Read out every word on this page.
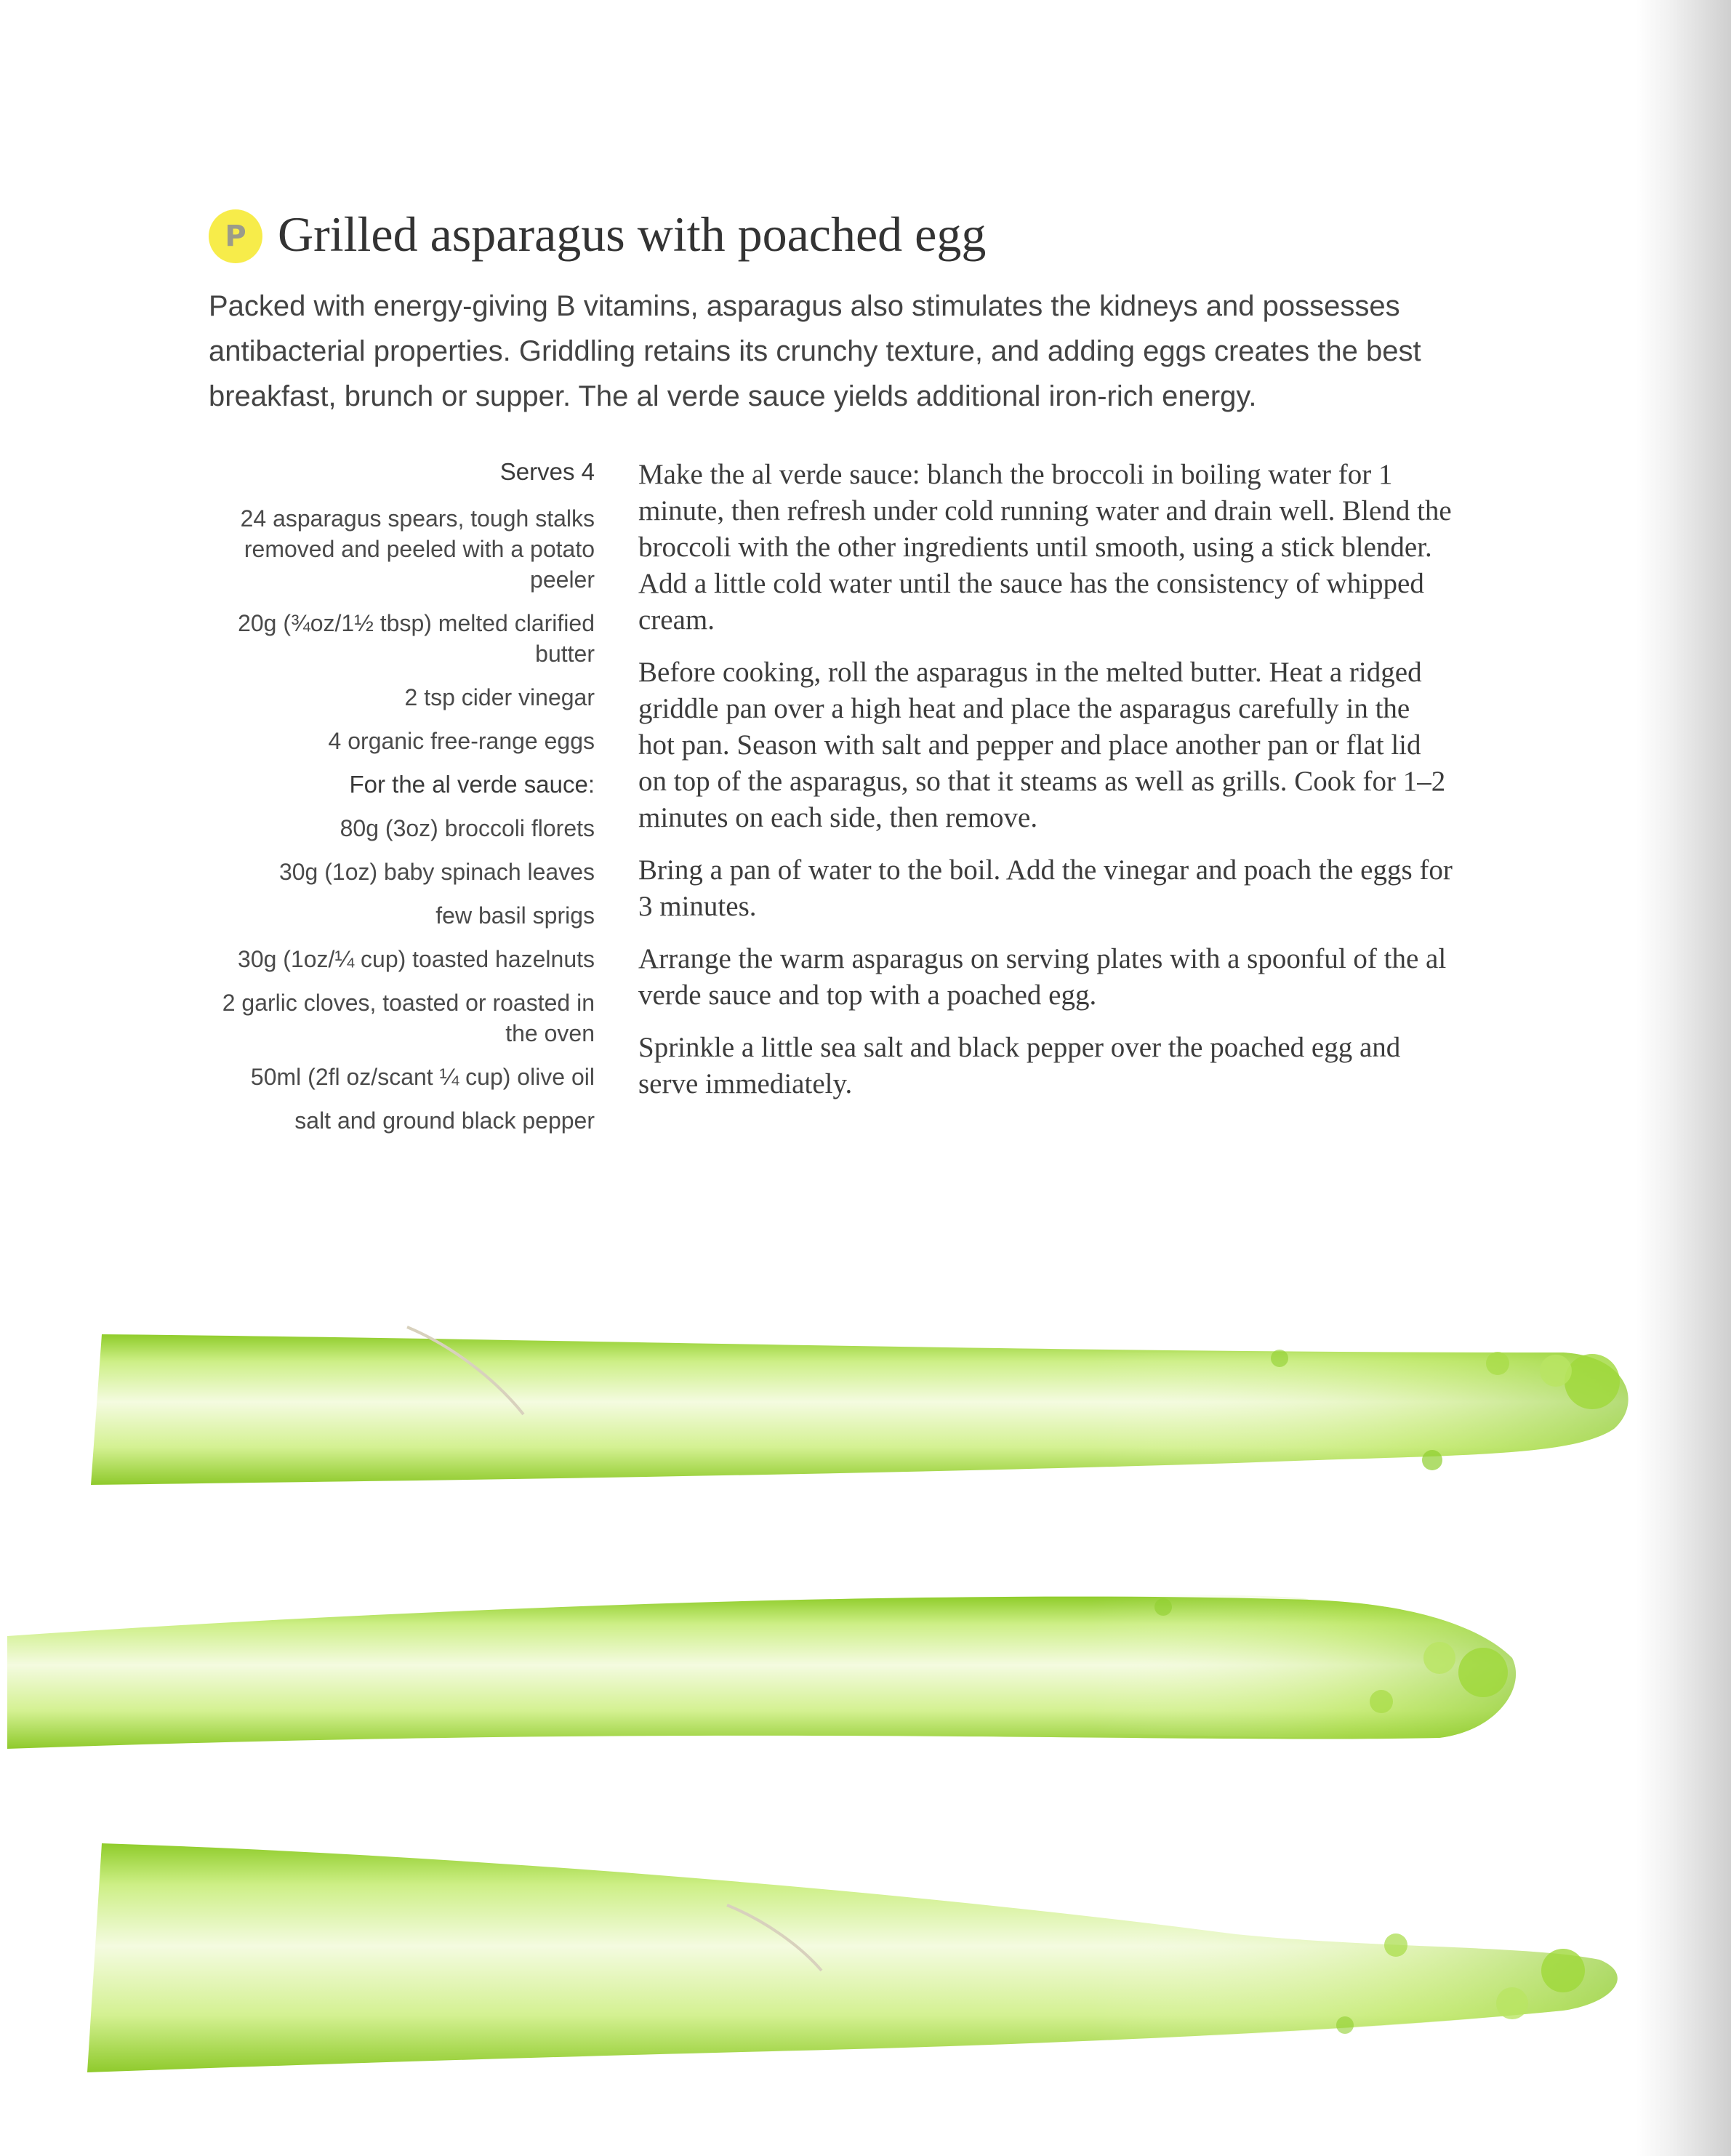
P Grilled asparagus with poached egg

Packed with energy-giving B vitamins, asparagus also stimulates the kidneys and possesses antibacterial properties. Griddling retains its crunchy texture, and adding eggs creates the best breakfast, brunch or supper. The al verde sauce yields additional iron-rich energy.

Serves 4
24 asparagus spears, tough stalks removed and peeled with a potato peeler
20g (¾oz/1½ tbsp) melted clarified butter
2 tsp cider vinegar
4 organic free-range eggs
For the al verde sauce:
80g (3oz) broccoli florets
30g (1oz) baby spinach leaves
few basil sprigs
30g (1oz/¼ cup) toasted hazelnuts
2 garlic cloves, toasted or roasted in the oven
50ml (2fl oz/scant ¼ cup) olive oil
salt and ground black pepper

Make the al verde sauce: blanch the broccoli in boiling water for 1 minute, then refresh under cold running water and drain well. Blend the broccoli with the other ingredients until smooth, using a stick blender. Add a little cold water until the sauce has the consistency of whipped cream.

Before cooking, roll the asparagus in the melted butter. Heat a ridged griddle pan over a high heat and place the asparagus carefully in the hot pan. Season with salt and pepper and place another pan or flat lid on top of the asparagus, so that it steams as well as grills. Cook for 1–2 minutes on each side, then remove.

Bring a pan of water to the boil. Add the vinegar and poach the eggs for 3 minutes.

Arrange the warm asparagus on serving plates with a spoonful of the al verde sauce and top with a poached egg.

Sprinkle a little sea salt and black pepper over the poached egg and serve immediately.
